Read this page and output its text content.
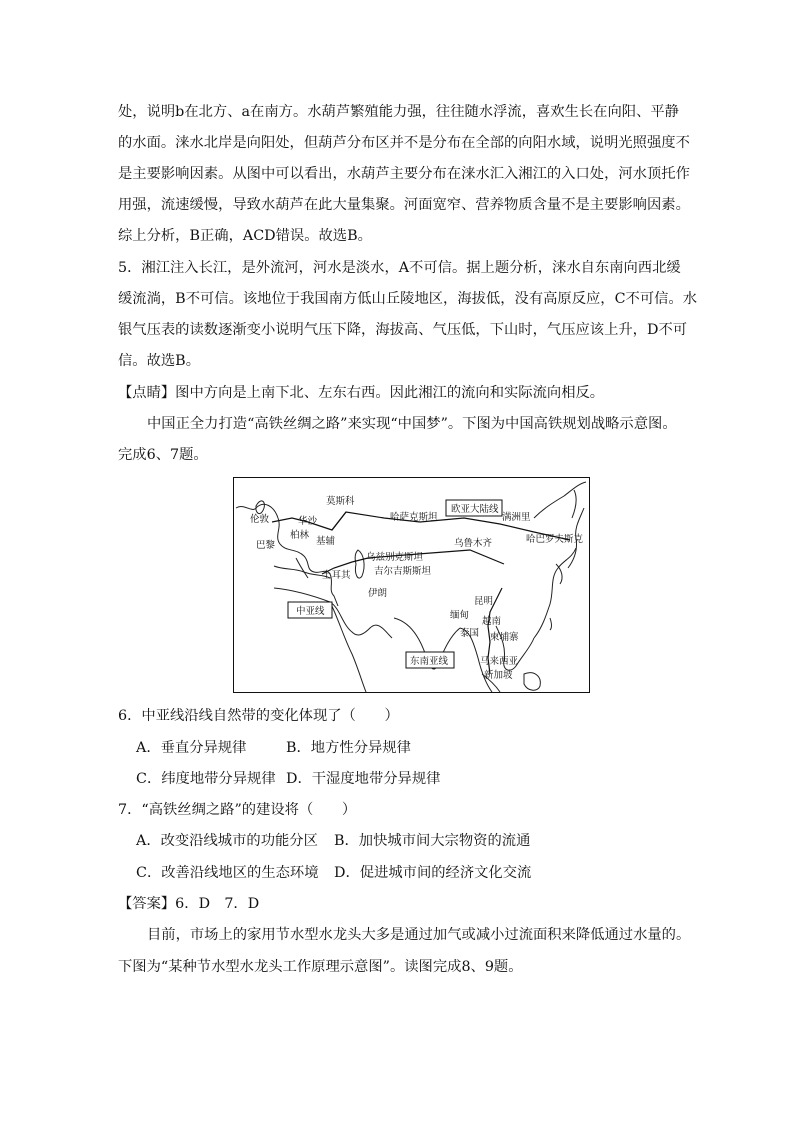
处，说明b在北方、a在南方。水葫芦繁殖能力强，往往随水浮流，喜欢生长在向阳、平静
的水面。涞水北岸是向阳处，但葫芦分布区并不是分布在全部的向阳水域，说明光照强度不
是主要影响因素。从图中可以看出，水葫芦主要分布在涞水汇入湘江的入口处，河水顶托作
用强，流速缓慢，导致水葫芦在此大量集聚。河面宽窄、营养物质含量不是主要影响因素。
综上分析，B正确，ACD错误。故选B。
5．湘江注入长江，是外流河，河水是淡水，A不可信。据上题分析，涞水自东南向西北缓
缓流淌，B不可信。该地位于我国南方低山丘陵地区，海拔低，没有高原反应，C不可信。水
银气压表的读数逐渐变小说明气压下降，海拔高、气压低，下山时，气压应该上升，D不可
信。故选B。
【点睛】图中方向是上南下北、左东右西。因此湘江的流向和实际流向相反。
中国正全力打造“高铁丝绸之路”来实现“中国梦”。下图为中国高铁规划战略示意图。
完成6、7题。
莫斯科
伦敦	华沙
柏林
巴黎	基辅
哈萨克斯坦	满洲里
哈巴罗夫斯克
乌兹别克斯坦
乌鲁木齐
吉尔吉斯斯坦
土耳其
伊朗
昆明
缅甸
越南
泰国 柬埔寨
马来西亚
新加坡
欧亚大陆线
中亚线
东南亚线
6．中亚线沿线自然带的变化体现了（　　）
A．垂直分异规律	B．地方性分异规律
C．纬度地带分异规律 D．干湿度地带分异规律
7．“高铁丝绸之路”的建设将（　　）
A．改变沿线城市的功能分区 B．加快城市间大宗物资的流通
C．改善沿线地区的生态环境 D．促进城市间的经济文化交流
【答案】6．D　7．D
目前，市场上的家用节水型水龙头大多是通过加气或减小过流面积来降低通过水量的。
下图为“某种节水型水龙头工作原理示意图”。读图完成8、9题。
